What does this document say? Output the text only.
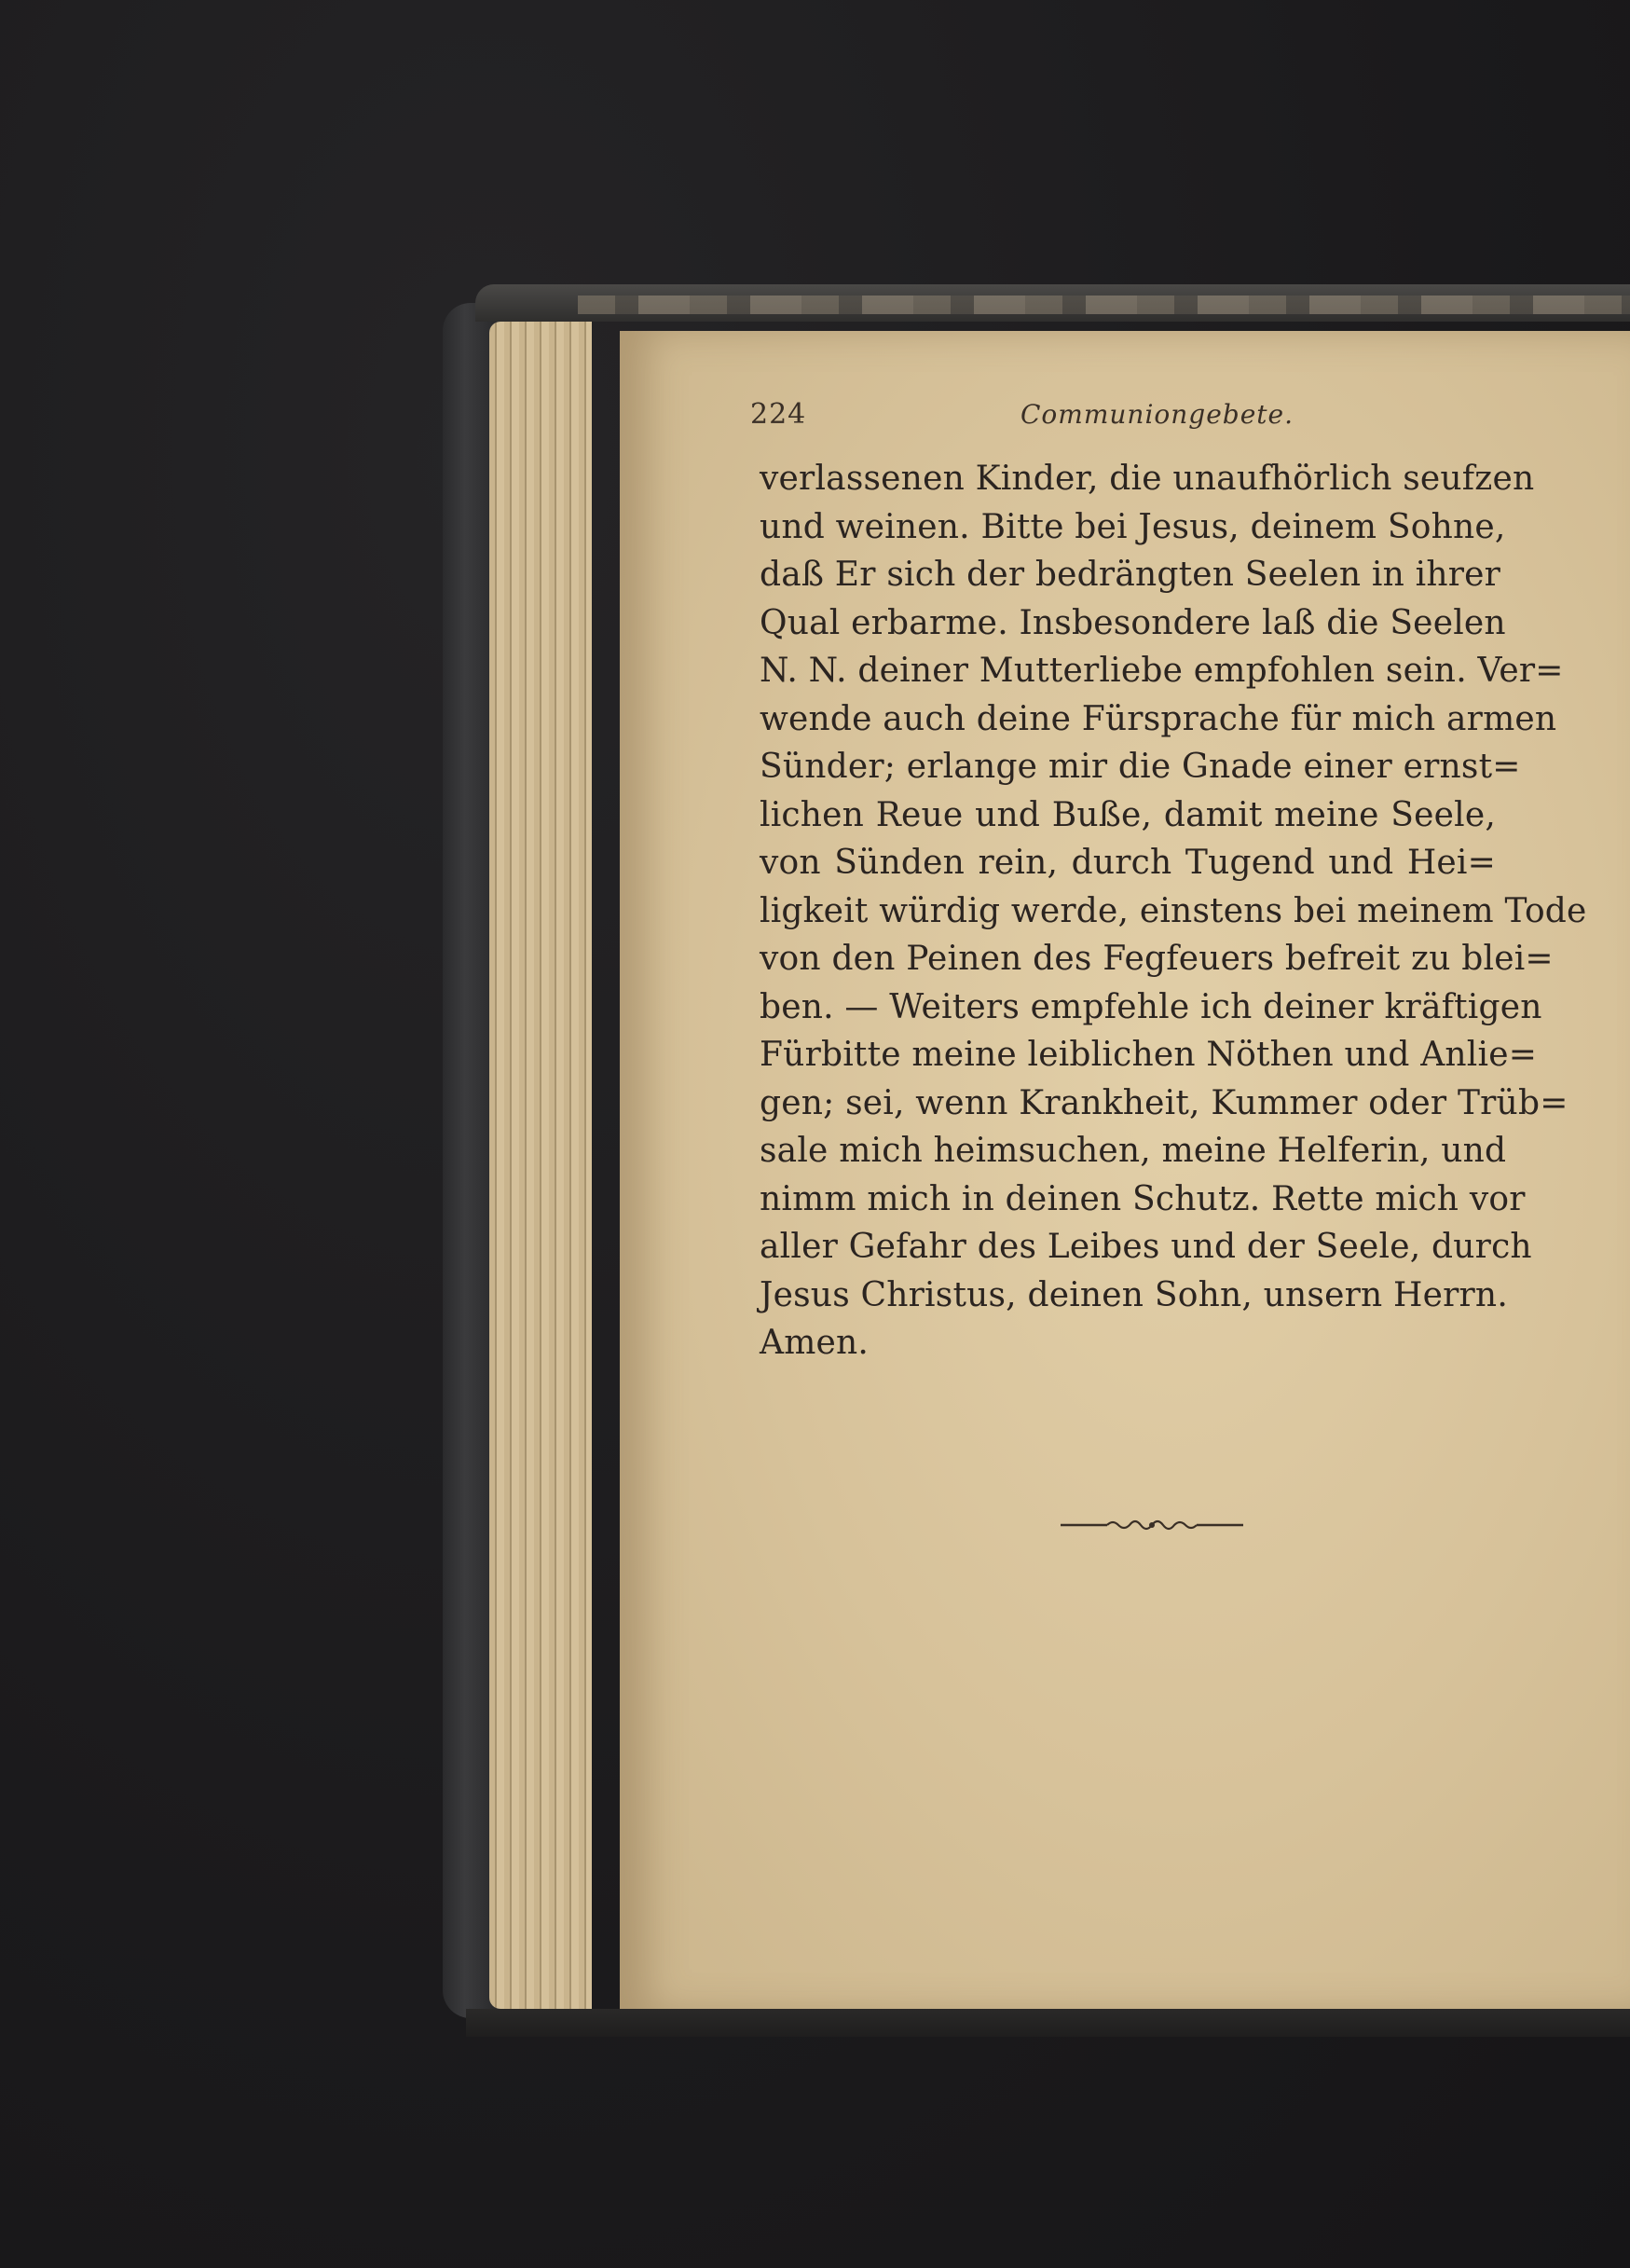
224	Communiongebete.
verlassenen Kinder, die unaufhörlich seufzen
und weinen. Bitte bei Jesus, deinem Sohne,
daß Er sich der bedrängten Seelen in ihrer
Qual erbarme. Insbesondere laß die Seelen
N. N. deiner Mutterliebe empfohlen sein. Ver=
wende auch deine Fürsprache für mich armen
Sünder; erlange mir die Gnade einer ernst=
lichen Reue und Buße, damit meine Seele,
von Sünden rein, durch Tugend und Hei=
ligkeit würdig werde, einstens bei meinem Tode
von den Peinen des Fegfeuers befreit zu blei=
ben. — Weiters empfehle ich deiner kräftigen
Fürbitte meine leiblichen Nöthen und Anlie=
gen; sei, wenn Krankheit, Kummer oder Trüb=
sale mich heimsuchen, meine Helferin, und
nimm mich in deinen Schutz. Rette mich vor
aller Gefahr des Leibes und der Seele, durch
Jesus Christus, deinen Sohn, unsern Herrn.
Amen.
